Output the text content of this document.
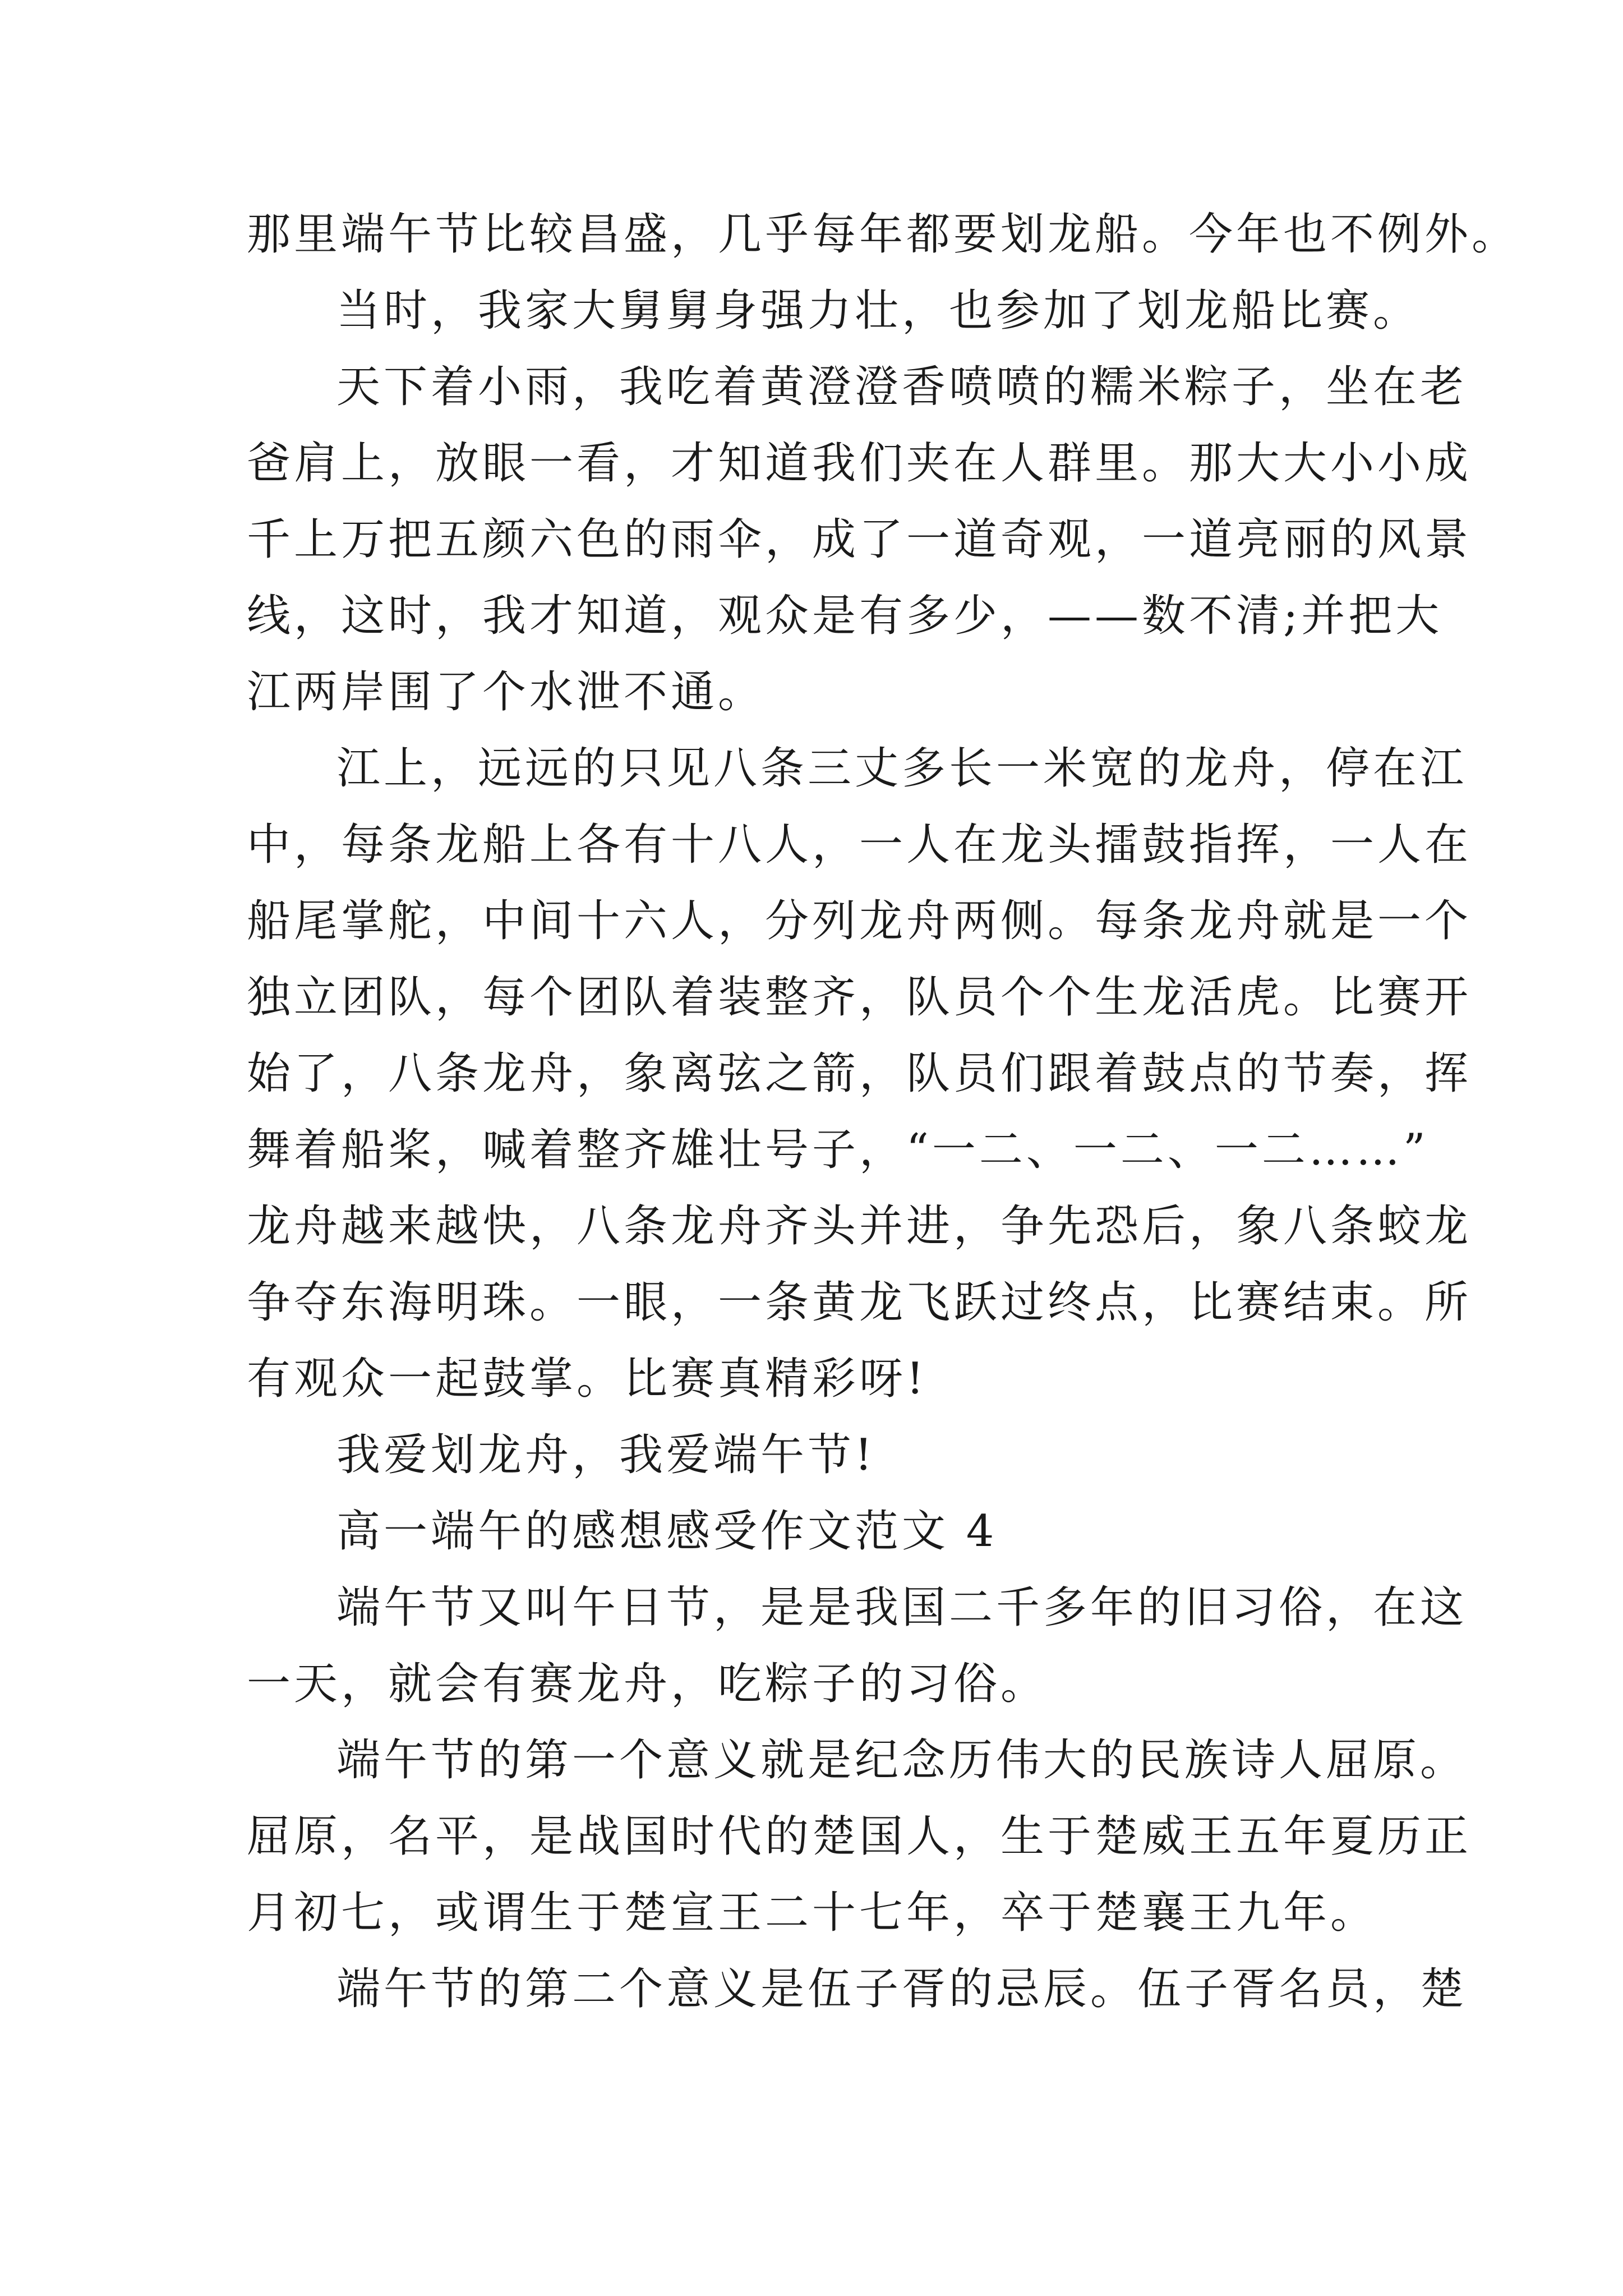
那里端午节比较昌盛，几乎每年都要划龙船。今年也不例外。

当时，我家大舅舅身强力壮，也参加了划龙船比赛。

天下着小雨，我吃着黄澄澄香喷喷的糯米粽子，坐在老
爸肩上，放眼一看，才知道我们夹在人群里。那大大小小成
千上万把五颜六色的雨伞，成了一道奇观，一道亮丽的风景
线，这时，我才知道，观众是有多少，——数不清;并把大
江两岸围了个水泄不通。

江上，远远的只见八条三丈多长一米宽的龙舟，停在江
中，每条龙船上各有十八人，一人在龙头擂鼓指挥，一人在
船尾掌舵，中间十六人，分列龙舟两侧。每条龙舟就是一个
独立团队，每个团队着装整齐，队员个个生龙活虎。比赛开
始了，八条龙舟，象离弦之箭，队员们跟着鼓点的节奏，挥
舞着船桨，喊着整齐雄壮号子，“一二、一二、一二……”
龙舟越来越快，八条龙舟齐头并进，争先恐后，象八条蛟龙
争夺东海明珠。一眼，一条黄龙飞跃过终点，比赛结束。所
有观众一起鼓掌。比赛真精彩呀!

我爱划龙舟，我爱端午节!

高一端午的感想感受作文范文 4

端午节又叫午日节，是是我国二千多年的旧习俗，在这
一天，就会有赛龙舟，吃粽子的习俗。

端午节的第一个意义就是纪念历伟大的民族诗人屈原。
屈原，名平，是战国时代的楚国人，生于楚威王五年夏历正
月初七，或谓生于楚宣王二十七年，卒于楚襄王九年。

端午节的第二个意义是伍子胥的忌辰。伍子胥名员，楚
